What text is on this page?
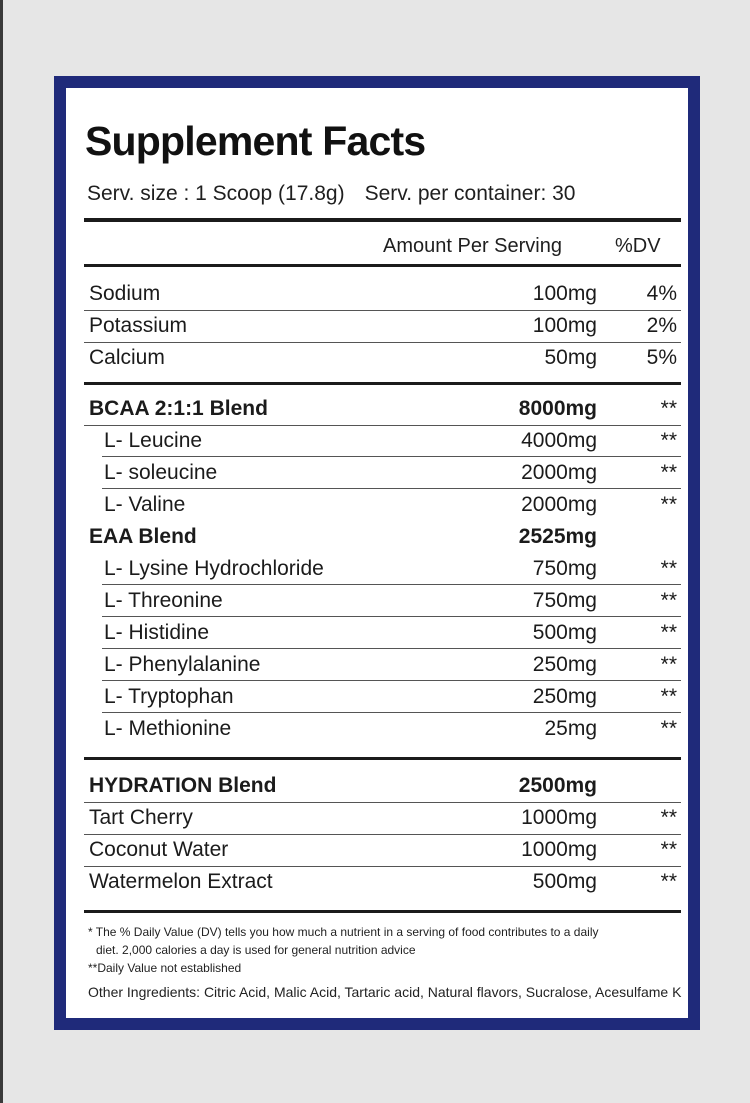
Supplement Facts
Serv. size : 1 Scoop (17.8g) Serv. per container: 30
Amount Per Serving	%DV
Sodium	100mg 4%
Potassium	100mg 2%
Calcium	50mg 5%
BCAA 2:1:1 Blend	8000mg	**
L- Leucine	4000mg	**
L- soleucine	2000mg	**
L- Valine	2000mg	**
EAA Blend	2525mg
L- Lysine Hydrochloride	750mg	**
L- Threonine	750mg	**
L- Histidine	500mg	**
L- Phenylalanine	250mg	**
L- Tryptophan	250mg	**
L- Methionine	25mg	**
HYDRATION Blend	2500mg
Tart Cherry	1000mg	**
Coconut Water	1000mg	**
Watermelon Extract	500mg	**
* The % Daily Value (DV) tells you how much a nutrient in a serving of food contributes to a daily
diet. 2,000 calories a day is used for general nutrition advice
**Daily Value not established
Other Ingredients: Citric Acid, Malic Acid, Tartaric acid, Natural flavors, Sucralose, Acesulfame K
